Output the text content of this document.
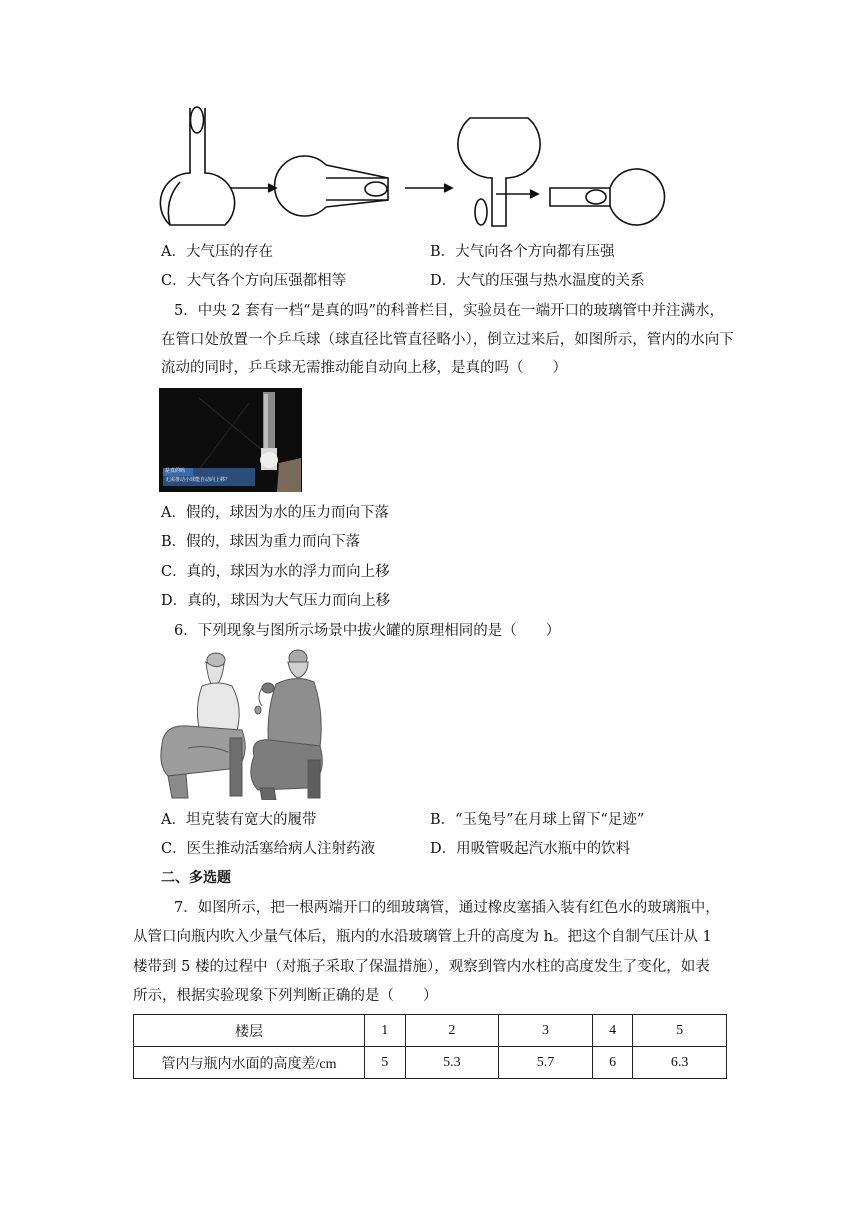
A．大气压的存在	B．大气向各个方向都有压强
C．大气各个方向压强都相等	D．大气的压强与热水温度的关系
5．中央 2 套有一档“是真的吗”的科普栏目，实验员在一端开口的玻璃管中并注满水，
在管口处放置一个乒乓球（球直径比管直径略小），倒立过来后，如图所示，管内的水向下
流动的同时，乒乓球无需推动能自动向上移，是真的吗（　　）
是真的吗
无需推动小球能自动向上移？
A．假的，球因为水的压力而向下落
B．假的，球因为重力而向下落
C．真的，球因为水的浮力而向上移
D．真的，球因为大气压力而向上移
6．下列现象与图所示场景中拔火罐的原理相同的是（　　）
A．坦克装有宽大的履带	B．“玉兔号”在月球上留下“足迹”
C．医生推动活塞给病人注射药液	D．用吸管吸起汽水瓶中的饮料
二、多选题
7．如图所示，把一根两端开口的细玻璃管，通过橡皮塞插入装有红色水的玻璃瓶中，
从管口向瓶内吹入少量气体后，瓶内的水沿玻璃管上升的高度为 h。把这个自制气压计从 1
楼带到 5 楼的过程中（对瓶子采取了保温措施），观察到管内水柱的高度发生了变化，如表
所示，根据实验现象下列判断正确的是（　　）
楼层	1	2	3	4	5
管内与瓶内水面的高度差/cm	5	5.3	5.7	6	6.3
